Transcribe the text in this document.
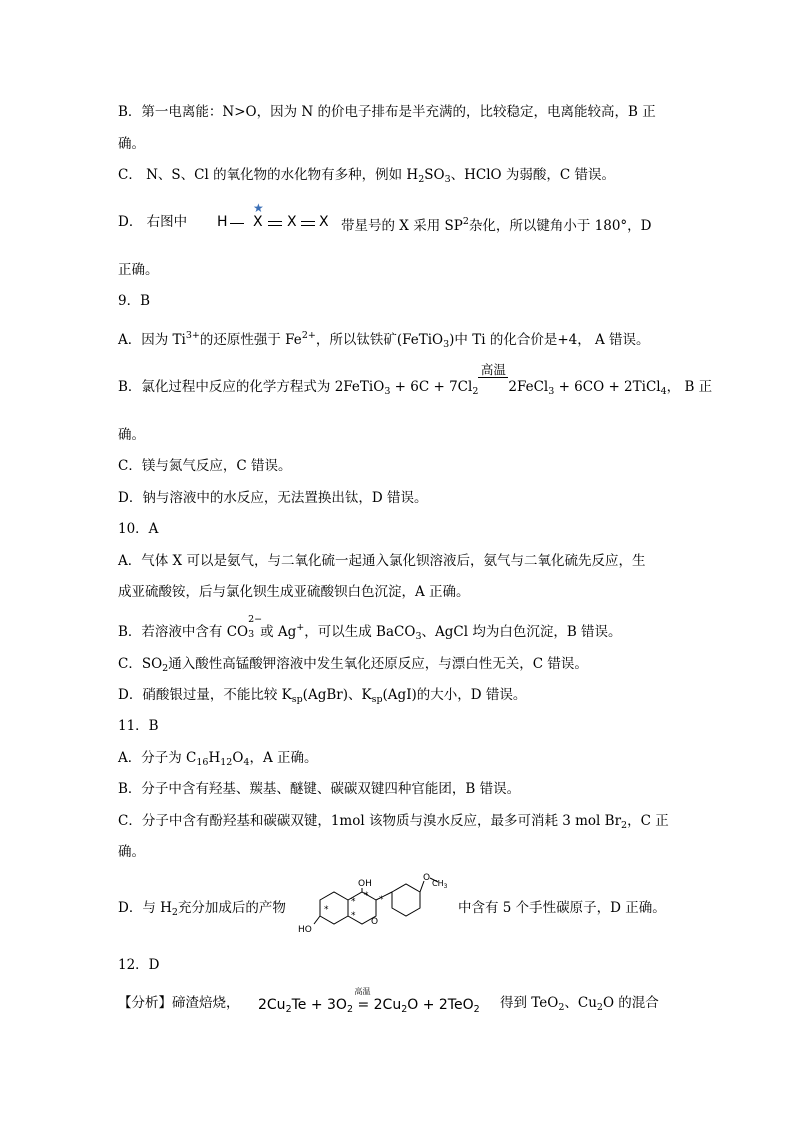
B．第一电离能：N>O，因为 N 的价电子排布是半充满的，比较稳定，电离能较高，B 正
确。
C． N、S、Cl 的氧化物的水化物有多种，例如 $H_2SO_3$、HClO 为弱酸，C 错误。
D． 右图中 H X
★
X X 带星号的 X 采用 $SP^2$杂化，所以键角小于 180°，D
正确。
9．B
A．因为 $Ti^{3+}$的还原性强于 $Fe^{2+}$，所以钛铁矿(FeTiO$_3$)中 Ti 的化合价是+4， A 错误。
B．氯化过程中反应的化学方程式为 2FeTiO$_3$ + $6C + 7Cl_2$
高温
2FeCl$_3$ + 6CO + 2TiCl$_4$， B 正
确。
C．镁与氮气反应，C 错误。
D．钠与溶液中的水反应，无法置换出钛，D 错误。
10．A
A．气体 X 可以是氨气，与二氧化硫一起通入氯化钡溶液后，氨气与二氧化硫先反应，生
成亚硫酸铵，后与氯化钡生成亚硫酸钡白色沉淀，A 正确。
B．若溶液中含有 CO
2−
3 或 Ag+，可以生成 BaCO$_3$、AgCl 均为白色沉淀，B 错误。
C．$SO_2$通入酸性高锰酸钾溶液中发生氧化还原反应，与漂白性无关，C 错误。
D．硝酸银过量，不能比较 $K_{sp}(AgBr)$、$K_{sp}(AgI)$的大小，D 错误。
11．B
A．分子为 $C_{16}H_{12}O_4$，A 正确。
B．分子中含有羟基、羰基、醚键、碳碳双键四种官能团，B 错误。
C．分子中含有酚羟基和碳碳双键，1mol 该物质与溴水反应，最多可消耗 3 mol $Br_2$，C 正
确。
D．与 $H_2$充分加成后的产物
OH
HO
O
O
$CH_3$
*
*
*
* *	中含有 5 个手性碳原子，D 正确。
12．D
【分析】碲渣焙烧， $2Cu_2Te + 3O_2$
高温
= $2Cu_2O + 2TeO_2$ 得到 TeO$_2$、$Cu_2O$ 的混合
